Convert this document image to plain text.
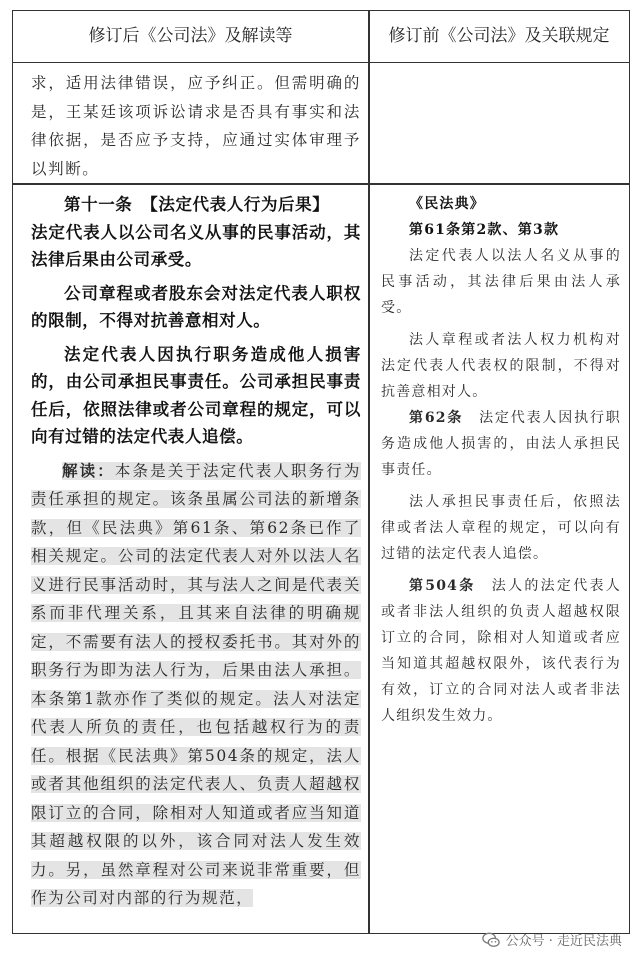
修订后《公司法》及解读等	修订前《公司法》及关联规定

求，适用法律错误，应予纠正。但需明确的是，王某廷该项诉讼请求是否具有事实和法律依据，是否应予支持，应通过实体审理予以判断。

第十一条　【法定代表人行为后果】

法定代表人以公司名义从事的民事活动，其法律后果由公司承受。

公司章程或者股东会对法定代表人职权的限制，不得对抗善意相对人。

法定代表人因执行职务造成他人损害的，由公司承担民事责任。公司承担民事责任后，依照法律或者公司章程的规定，可以向有过错的法定代表人追偿。

解读：本条是关于法定代表人职务行为责任承担的规定。该条虽属公司法的新增条款，但《民法典》第61条、第62条已作了相关规定。公司的法定代表人对外以法人名义进行民事活动时，其与法人之间是代表关系而非代理关系，且其来自法律的明确规定，不需要有法人的授权委托书。其对外的职务行为即为法人行为，后果由法人承担。本条第1款亦作了类似的规定。法人对法定代表人所负的责任，也包括越权行为的责任。根据《民法典》第504条的规定，法人或者其他组织的法定代表人、负责人超越权限订立的合同，除相对人知道或者应当知道其超越权限的以外，该合同对法人发生效力。另，虽然章程对公司来说非常重要，但作为公司对内部的行为规范，

《民法典》

第61条第2款、第3款

法定代表人以法人名义从事的民事活动，其法律后果由法人承受。

法人章程或者法人权力机构对法定代表人代表权的限制，不得对抗善意相对人。

第62条　 法定代表人因执行职务造成他人损害的，由法人承担民事责任。

法人承担民事责任后，依照法律或者法人章程的规定，可以向有过错的法定代表人追偿。

第504条　 法人的法定代表人或者非法人组织的负责人超越权限订立的合同，除相对人知道或者应当知道其超越权限外，该代表行为有效，订立的合同对法人或者非法人组织发生效力。

公众号 · 走近民法典
